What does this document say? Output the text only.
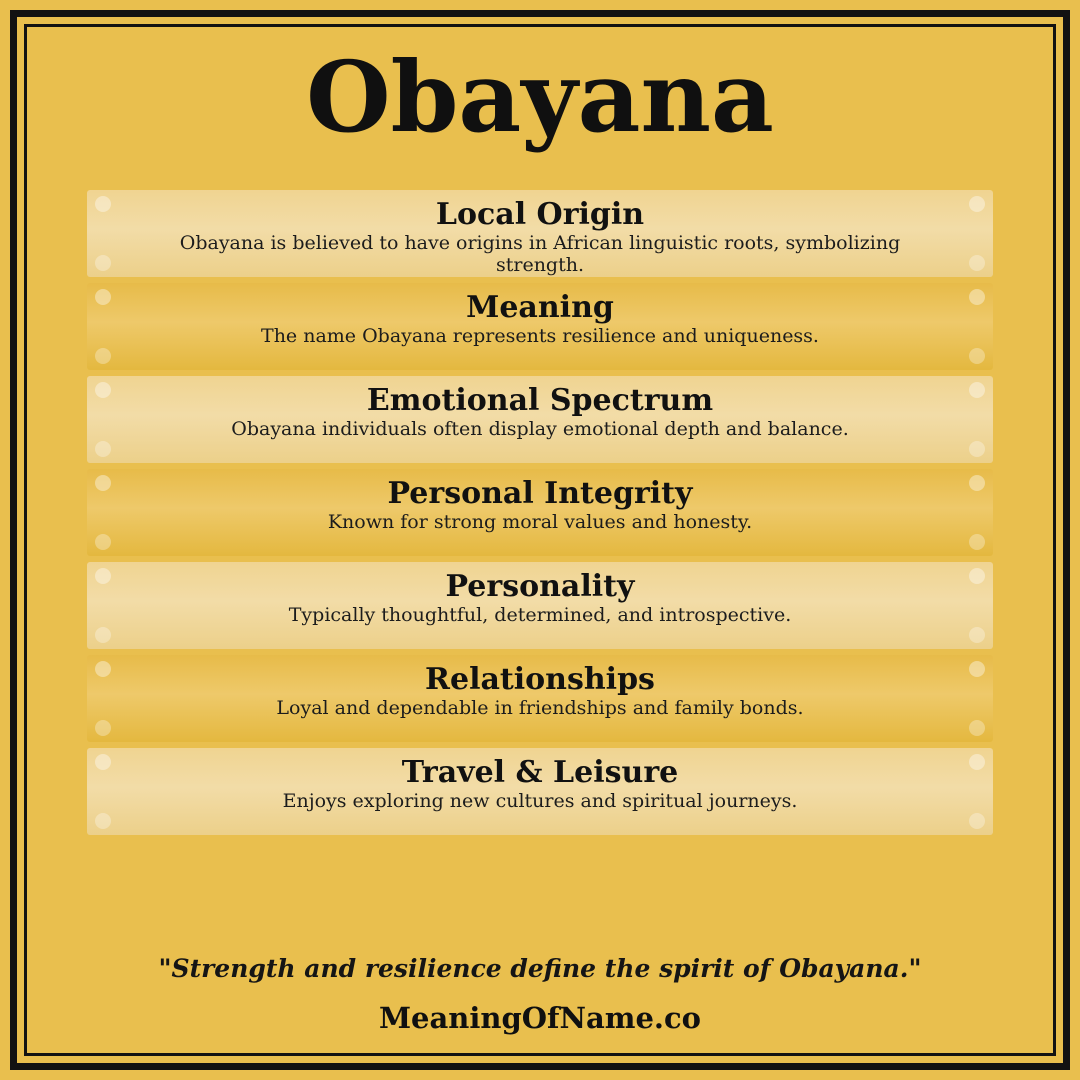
Obayana
Local Origin
Obayana is believed to have origins in African linguistic roots, symbolizing strength.
Meaning
The name Obayana represents resilience and uniqueness.
Emotional Spectrum
Obayana individuals often display emotional depth and balance.
Personal Integrity
Known for strong moral values and honesty.
Personality
Typically thoughtful, determined, and introspective.
Relationships
Loyal and dependable in friendships and family bonds.
Travel & Leisure
Enjoys exploring new cultures and spiritual journeys.
"Strength and resilience define the spirit of Obayana."
MeaningOfName.co
